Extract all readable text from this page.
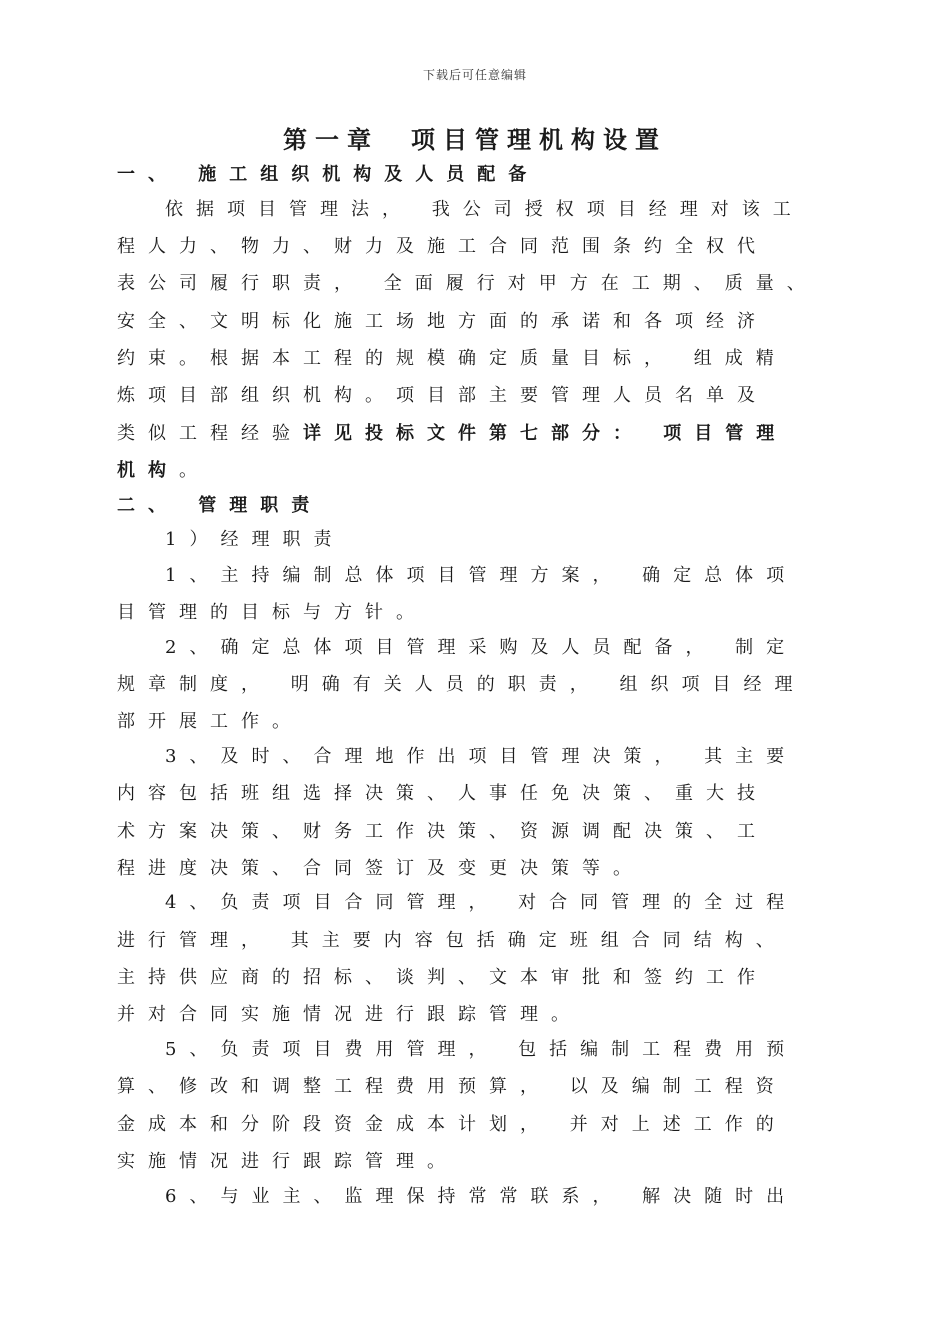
下载后可任意编辑
第一章　项目管理机构设置
一、 施工组织机构及人员配备
依据项目管理法， 我公司授权项目经理对该工
程人力、物力、财力及施工合同范围条约全权代
表公司履行职责， 全面履行对甲方在工期、质量、
安全、文明标化施工场地方面的承诺和各项经济
约束。根据本工程的规模确定质量目标， 组成精
炼项目部组织机构。项目部主要管理人员名单及
类似工程经验详见投标文件第七部分： 项目管理
机构。
二、 管理职责
1）经理职责
1、主持编制总体项目管理方案， 确定总体项
目管理的目标与方针。
2、确定总体项目管理采购及人员配备， 制定
规章制度， 明确有关人员的职责， 组织项目经理
部开展工作。
3、及时、合理地作出项目管理决策， 其主要
内容包括班组选择决策、人事任免决策、重大技
术方案决策、财务工作决策、资源调配决策、工
程进度决策、合同签订及变更决策等。
4、负责项目合同管理， 对合同管理的全过程
进行管理， 其主要内容包括确定班组合同结构、
主持供应商的招标、谈判、文本审批和签约工作
并对合同实施情况进行跟踪管理。
5、负责项目费用管理， 包括编制工程费用预
算、修改和调整工程费用预算， 以及编制工程资
金成本和分阶段资金成本计划， 并对上述工作的
实施情况进行跟踪管理。
6、与业主、监理保持常常联系， 解决随时出
